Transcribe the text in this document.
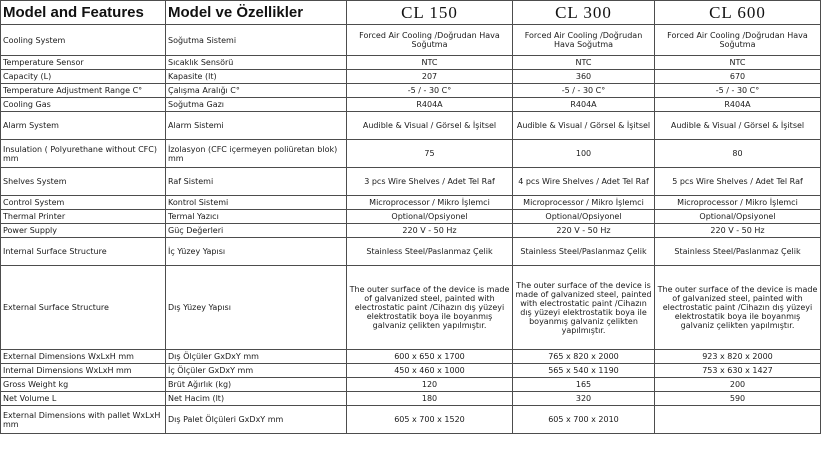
Model and Features	Model ve Özellikler	CL 150	CL 300	CL 600
Cooling System	Soğutma Sistemi	Forced Air Cooling /Doğrudan Hava Soğutma	Forced Air Cooling /Doğrudan Hava Soğutma	Forced Air Cooling /Doğrudan Hava Soğutma
Temperature Sensor	Sıcaklık Sensörü	NTC	NTC	NTC
Capacity (L)	Kapasite (lt)	207	360	670
Temperature Adjustment Range C°	Çalışma Aralığı C°	-5 / - 30 C°	-5 / - 30 C°	-5 / - 30 C°
Cooling Gas	Soğutma Gazı	R404A	R404A	R404A
Alarm System	Alarm Sistemi	Audible & Visual / Görsel & İşitsel	Audible & Visual / Görsel & İşitsel	Audible & Visual / Görsel & İşitsel
Insulation ( Polyurethane without CFC) mm	İzolasyon (CFC içermeyen poliüretan blok) mm	75	100	80
Shelves System	Raf Sistemi	3 pcs Wire Shelves / Adet Tel Raf	4 pcs Wire Shelves / Adet Tel Raf	5 pcs Wire Shelves / Adet Tel Raf
Control System	Kontrol Sistemi	Microprocessor / Mikro İşlemci	Microprocessor / Mikro İşlemci	Microprocessor / Mikro İşlemci
Thermal Printer	Termal Yazıcı	Optional/Opsiyonel	Optional/Opsiyonel	Optional/Opsiyonel
Power Supply	Güç Değerleri	220 V - 50 Hz	220 V - 50 Hz	220 V - 50 Hz
Internal Surface Structure	İç Yüzey Yapısı	Stainless Steel/Paslanmaz Çelik	Stainless Steel/Paslanmaz Çelik	Stainless Steel/Paslanmaz Çelik
External Surface Structure	Dış Yüzey Yapısı	The outer surface of the device is made of galvanized steel, painted with electrostatic paint /Cihazın dış yüzeyi elektrostatik boya ile boyanmış galvaniz çelikten yapılmıştır.	The outer surface of the device is made of galvanized steel, painted with electrostatic paint /Cihazın dış yüzeyi elektrostatik boya ile boyanmış galvaniz çelikten yapılmıştır.	The outer surface of the device is made of galvanized steel, painted with electrostatic paint /Cihazın dış yüzeyi elektrostatik boya ile boyanmış galvaniz çelikten yapılmıştır.
External Dimensions WxLxH mm	Dış Ölçüler GxDxY mm	600 x 650 x 1700	765 x 820 x 2000	923 x 820 x 2000
Internal Dimensions WxLxH mm	İç Ölçüler GxDxY mm	450 x 460 x 1000	565 x 540 x 1190	753 x 630 x 1427
Gross Weight kg	Brüt Ağırlık (kg)	120	165	200
Net Volume L	Net Hacim (lt)	180	320	590
External Dimensions with pallet WxLxH mm	Dış Palet Ölçüleri GxDxY mm	605 x 700 x 1520	605 x 700 x 2010	
